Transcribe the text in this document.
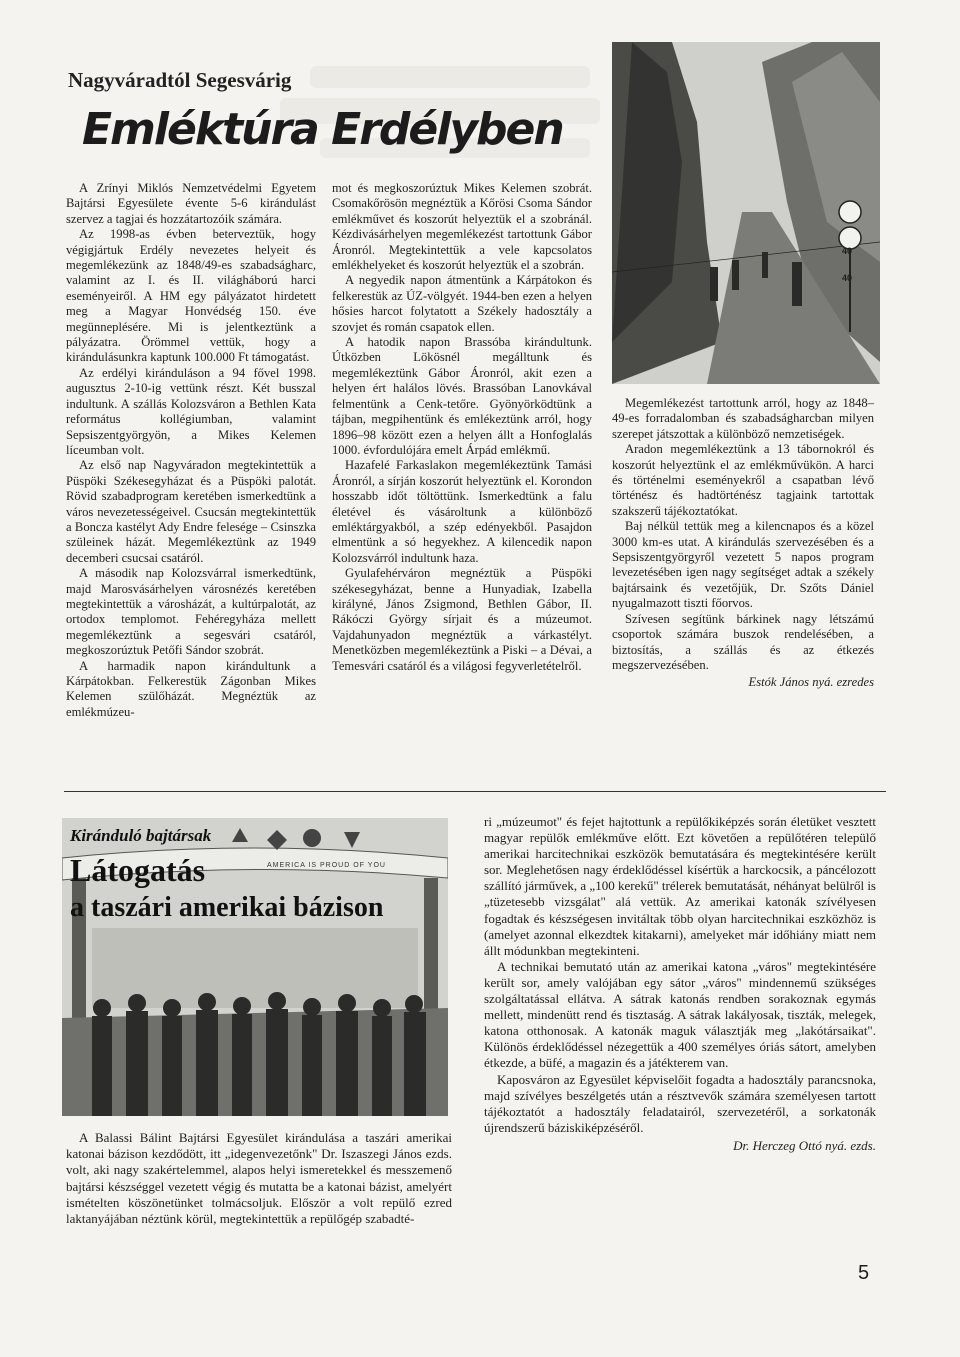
Nagyváradtól Segesvárig
Emléktúra Erdélyben

A Zrínyi Miklós Nemzetvédelmi Egyetem Bajtársi Egyesülete évente 5-6 kirándulást szervez a tagjai és hozzátartozóik számára.

Az 1998-as évben beterveztük, hogy végigjártuk Erdély nevezetes helyeit és megemlékezünk az 1848/49-es szabadságharc, valamint az I. és II. világháború harci eseményeiről. A HM egy pályázatot hirdetett meg a Magyar Honvédség 150. éve megünneplésére. Mi is jelentkeztünk a pályázatra. Örömmel vettük, hogy a kirándulásunkra kaptunk 100.000 Ft támogatást.

Az erdélyi kiránduláson a 94 fővel 1998. augusztus 2-10-ig vettünk részt. Két busszal indultunk. A szállás Kolozsváron a Bethlen Kata református kollégiumban, valamint Sepsiszentgyörgyön, a Mikes Kelemen líceumban volt.

Az első nap Nagyváradon megtekintettük a Püspöki Székesegyházat és a Püspöki palotát. Rövid szabadprogram keretében ismerkedtünk a város nevezetességeivel. Csucsán megtekintettük a Boncza kastélyt Ady Endre felesége – Csinszka szüleinek házát. Megemlékeztünk az 1949 decemberi csucsai csatáról.

A második nap Kolozsvárral ismerkedtünk, majd Marosvásárhelyen városnézés keretében megtekintettük a városházát, a kultúrpalotát, az ortodox templomot. Fehéregyháza mellett megemlékeztünk a segesvári csatáról, megkoszorúztuk Petőfi Sándor szobrát.

A harmadik napon kirándultunk a Kárpátokban. Felkerestük Zágonban Mikes Kelemen szülőházát. Megnéztük az emlékmúzeu-

mot és megkoszorúztuk Mikes Kelemen szobrát. Csomakőrösön megnéztük a Kőrösi Csoma Sándor emlékművet és koszorút helyeztük el a szobránál. Kézdivásárhelyen megemlékezést tartottunk Gábor Áronról. Megtekintettük a vele kapcsolatos emlékhelyeket és koszorút helyeztük el a szobrán.

A negyedik napon átmentünk a Kárpátokon és felkerestük az ÚZ-völgyét. 1944-ben ezen a helyen hősies harcot folytatott a Székely hadosztály a szovjet és román csapatok ellen.

A hatodik napon Brassóba kirándultunk. Útközben Lökösnél megálltunk és megemlékeztünk Gábor Áronról, akit ezen a helyen ért halálos lövés. Brassóban Lanovkával felmentünk a Cenk-tetőre. Gyönyörködtünk a tájban, megpihentünk és emlékeztünk arról, hogy 1896–98 között ezen a helyen állt a Honfoglalás 1000. évfordulójára emelt Árpád emlékmű.

Hazafelé Farkaslakon megemlékeztünk Tamási Áronról, a sírján koszorút helyeztünk el. Korondon hosszabb időt töltöttünk. Ismerkedtünk a falu életével és vásároltunk a különböző emléktárgyakból, a szép edényekből. Pasajdon elmentünk a só hegyekhez. A kilencedik napon Kolozsvárról indultunk haza.

Gyulafehérváron megnéztük a Püspöki székesegyházat, benne a Hunyadiak, Izabella királyné, János Zsigmond, Bethlen Gábor, II. Rákóczi György sírjait és a múzeumot. Vajdahunyadon megnéztük a várkastélyt. Menetközben megemlékeztünk a Piski – a Dévai, a Temesvári csatáról és a világosi fegyverletételről.

40
40

Megemlékezést tartottunk arról, hogy az 1848–49-es forradalomban és szabadságharcban milyen szerepet játszottak a különböző nemzetiségek.

Aradon megemlékeztünk a 13 tábornokról és koszorút helyeztünk el az emlékművükön. A harci és történelmi eseményekről a csapatban lévő történész és hadtörténész tagjaink tartottak szakszerű tájékoztatókat.

Baj nélkül tettük meg a kilencnapos és a közel 3000 km-es utat. A kirándulás szervezésében és a Sepsiszentgyörgyről vezetett 5 napos program levezetésében igen nagy segítséget adtak a székely bajtársaink és vezetőjük, Dr. Szőts Dániel nyugalmazott tiszti főorvos.

Szívesen segítünk bárkinek nagy létszámú csoportok számára buszok rendelésében, a biztosítás, a szállás és az étkezés megszervezésében.

Estók János nyá. ezredes

AMERICA IS PROUD OF YOU
Kiránduló bajtársak
Látogatás
a taszári amerikai bázison

A Balassi Bálint Bajtársi Egyesület kirándulása a taszári amerikai katonai bázison kezdődött, itt „idegenvezetőnk" Dr. Iszaszegi János ezds. volt, aki nagy szakértelemmel, alapos helyi ismeretekkel és messzemenő bajtársi készséggel vezetett végig és mutatta be a katonai bázist, amelyért ismételten köszönetünket tolmácsoljuk. Először a volt repülő ezred laktanyájában néztünk körül, megtekintettük a repülőgép szabadté-

ri „múzeumot" és fejet hajtottunk a repülőkiképzés során életüket vesztett magyar repülők emlékműve előtt. Ezt követően a repülőtéren települő amerikai harcitechnikai eszközök bemutatására és megtekintésére került sor. Meglehetősen nagy érdeklődéssel kísértük a harckocsik, a páncélozott szállító járművek, a „100 kerekű" trélerek bemutatását, néhányat belülről is „tüzetesebb vizsgálat" alá vettük. Az amerikai katonák szívélyesen fogadtak és készségesen invitáltak több olyan harcitechnikai eszközhöz is (amelyet azonnal elkezdtek kitakarni), amelyeket már időhiány miatt nem állt módunkban megtekinteni.

A technikai bemutató után az amerikai katona „város" megtekintésére került sor, amely valójában egy sátor „város" mindennemű szükséges szolgáltatással ellátva. A sátrak katonás rendben sorakoznak egymás mellett, mindenütt rend és tisztaság. A sátrak lakályosak, tiszták, melegek, katona otthonosak. A katonák maguk választják meg „lakótársaikat". Különös érdeklődéssel nézegettük a 400 személyes óriás sátort, amelyben étkezde, a büfé, a magazin és a játékterem van.

Kaposváron az Egyesület képviselőit fogadta a hadosztály parancsnoka, majd szívélyes beszélgetés után a résztvevők számára személyesen tartott tájékoztatót a hadosztály feladatairól, szervezetéről, a sorkatonák újrendszerű báziskiképzéséről.

Dr. Herczeg Ottó nyá. ezds.

5
